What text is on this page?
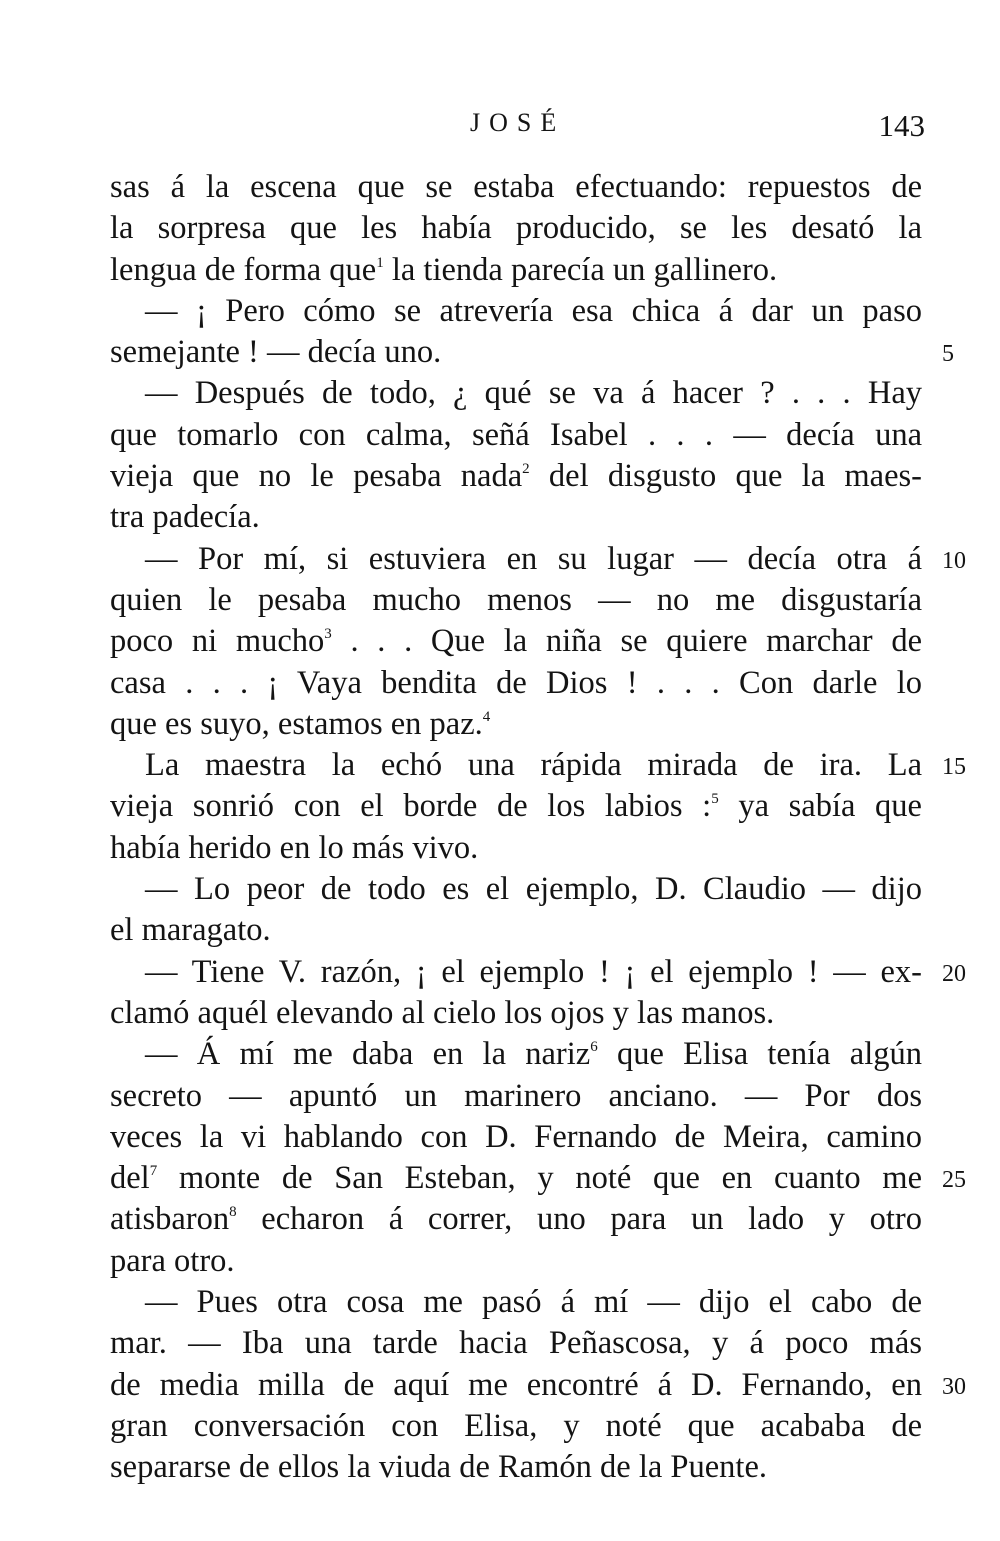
JOSÉ	143
sas á la escena que se estaba efectuando: repuestos de
la sorpresa que les había producido, se les desató la
lengua de forma que$^1$ la tienda parecía un gallinero.
— ¡ Pero cómo se atrevería esa chica á dar un paso
semejante ! — decía uno.	5
— Después de todo, ¿ qué se va á hacer ? . . . Hay
que tomarlo con calma, señá Isabel . . . — decía una
vieja que no le pesaba nada$^2$ del disgusto que la maes-
tra padecía.
— Por mí, si estuviera en su lugar — decía otra á 10
quien le pesaba mucho menos — no me disgustaría
poco ni mucho$^3$ . . . Que la niña se quiere marchar de
casa . . . ¡ Vaya bendita de Dios ! . . . Con darle lo
que es suyo, estamos en paz.$^4$
La maestra la echó una rápida mirada de ira. La 15
vieja sonrió con el borde de los labios :$^5$ ya sabía que
había herido en lo más vivo.
— Lo peor de todo es el ejemplo, D. Claudio — dijo
el maragato.
— Tiene V. razón, ¡ el ejemplo ! ¡ el ejemplo ! — ex- 20
clamó aquél elevando al cielo los ojos y las manos.
— Á mí me daba en la nariz$^6$ que Elisa tenía algún
secreto — apuntó un marinero anciano. — Por dos
veces la vi hablando con D. Fernando de Meira, camino
del$^7$ monte de San Esteban, y noté que en cuanto me 25
atisbaron$^8$ echaron á correr, uno para un lado y otro
para otro.
— Pues otra cosa me pasó á mí — dijo el cabo de
mar. — Iba una tarde hacia Peñascosa, y á poco más
de media milla de aquí me encontré á D. Fernando, en 30
gran conversación con Elisa, y noté que acababa de
separarse de ellos la viuda de Ramón de la Puente.
